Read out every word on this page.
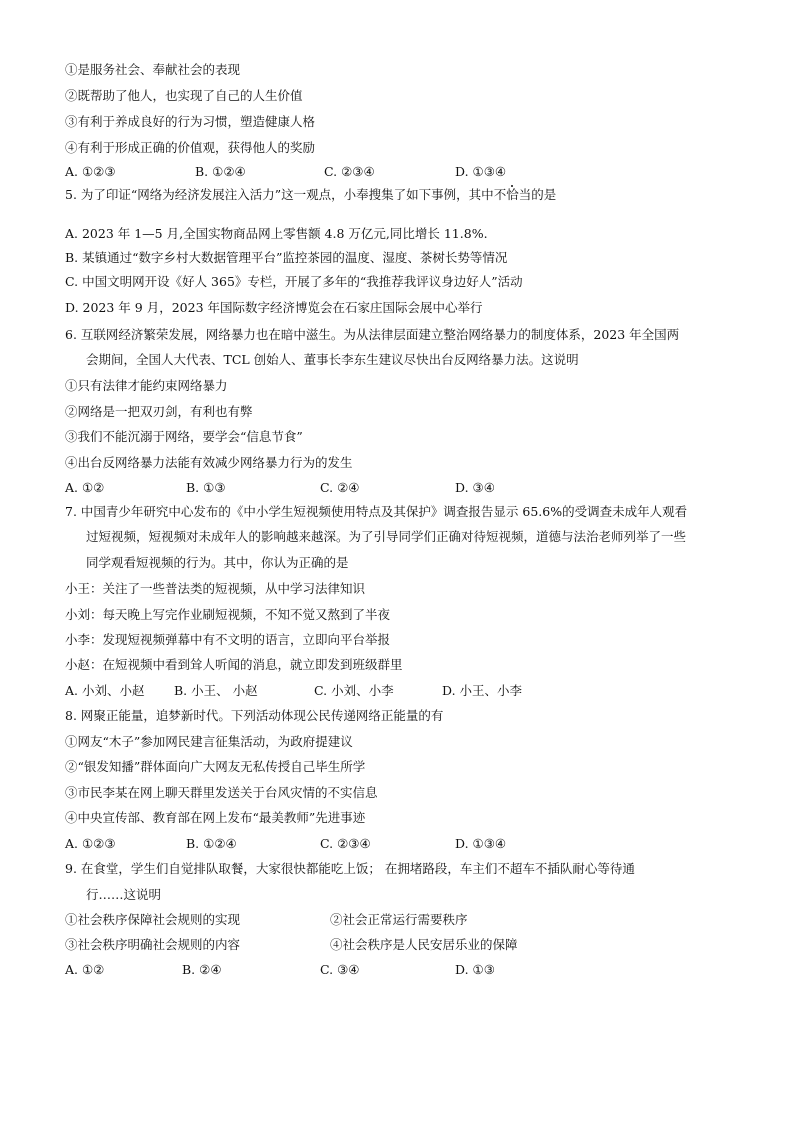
①是服务社会、奉献社会的表现
②既帮助了他人，也实现了自己的人生价值
③有利于养成良好的行为习惯，塑造健康人格
④有利于形成正确的价值观，获得他人的奖励
A. ①②③	B. ①②④	C. ②③④	D. ①③④
5. 为了印证“网络为经济发展注入活力”这一观点，小奉搜集了如下事例，其中不恰当的是
A. 2023 年 1—5 月,全国实物商品网上零售额 4.8 万亿元,同比增长 11.8%.
B. 某镇通过“数字乡村大数据管理平台”监控茶园的温度、湿度、茶树长势等情况
C. 中国文明网开设《好人 365》专栏，开展了多年的“我推荐我评议身边好人”活动
D. 2023 年 9 月，2023 年国际数字经济博览会在石家庄国际会展中心举行
6. 互联网经济繁荣发展，网络暴力也在暗中滋生。为从法律层面建立整治网络暴力的制度体系，2023 年全国两
会期间，全国人大代表、TCL 创始人、董事长李东生建议尽快出台反网络暴力法。这说明
①只有法律才能约束网络暴力
②网络是一把双刃剑，有利也有弊
③我们不能沉溺于网络，要学会“信息节食”
④出台反网络暴力法能有效减少网络暴力行为的发生
A. ①②	B. ①③	C. ②④	D. ③④
7. 中国青少年研究中心发布的《中小学生短视频使用特点及其保护》调查报告显示 65.6%的受调查未成年人观看
过短视频，短视频对未成年人的影响越来越深。为了引导同学们正确对待短视频，道德与法治老师列举了一些
同学观看短视频的行为。其中，你认为正确的是
小王：关注了一些普法类的短视频，从中学习法律知识
小刘：每天晚上写完作业刷短视频，不知不觉又熬到了半夜
小李：发现短视频弹幕中有不文明的语言，立即向平台举报
小赵：在短视频中看到耸人听闻的消息，就立即发到班级群里
A. 小刘、小赵 B. 小王、 小赵	C. 小刘、小李	D. 小王、小李
8. 网聚正能量，追梦新时代。下列活动体现公民传递网络正能量的有
①网友“木子”参加网民建言征集活动，为政府提建议
②“银发知播”群体面向广大网友无私传授自己毕生所学
③市民李某在网上聊天群里发送关于台风灾情的不实信息
④中央宣传部、教育部在网上发布“最美教师”先进事迹
A. ①②③	B. ①②④	C. ②③④	D. ①③④
9. 在食堂，学生们自觉排队取餐，大家很快都能吃上饭； 在拥堵路段，车主们不超车不插队耐心等待通
行……这说明
①社会秩序保障社会规则的实现	②社会正常运行需要秩序
③社会秩序明确社会规则的内容	④社会秩序是人民安居乐业的保障
A. ①②	B. ②④	C. ③④	D. ①③
